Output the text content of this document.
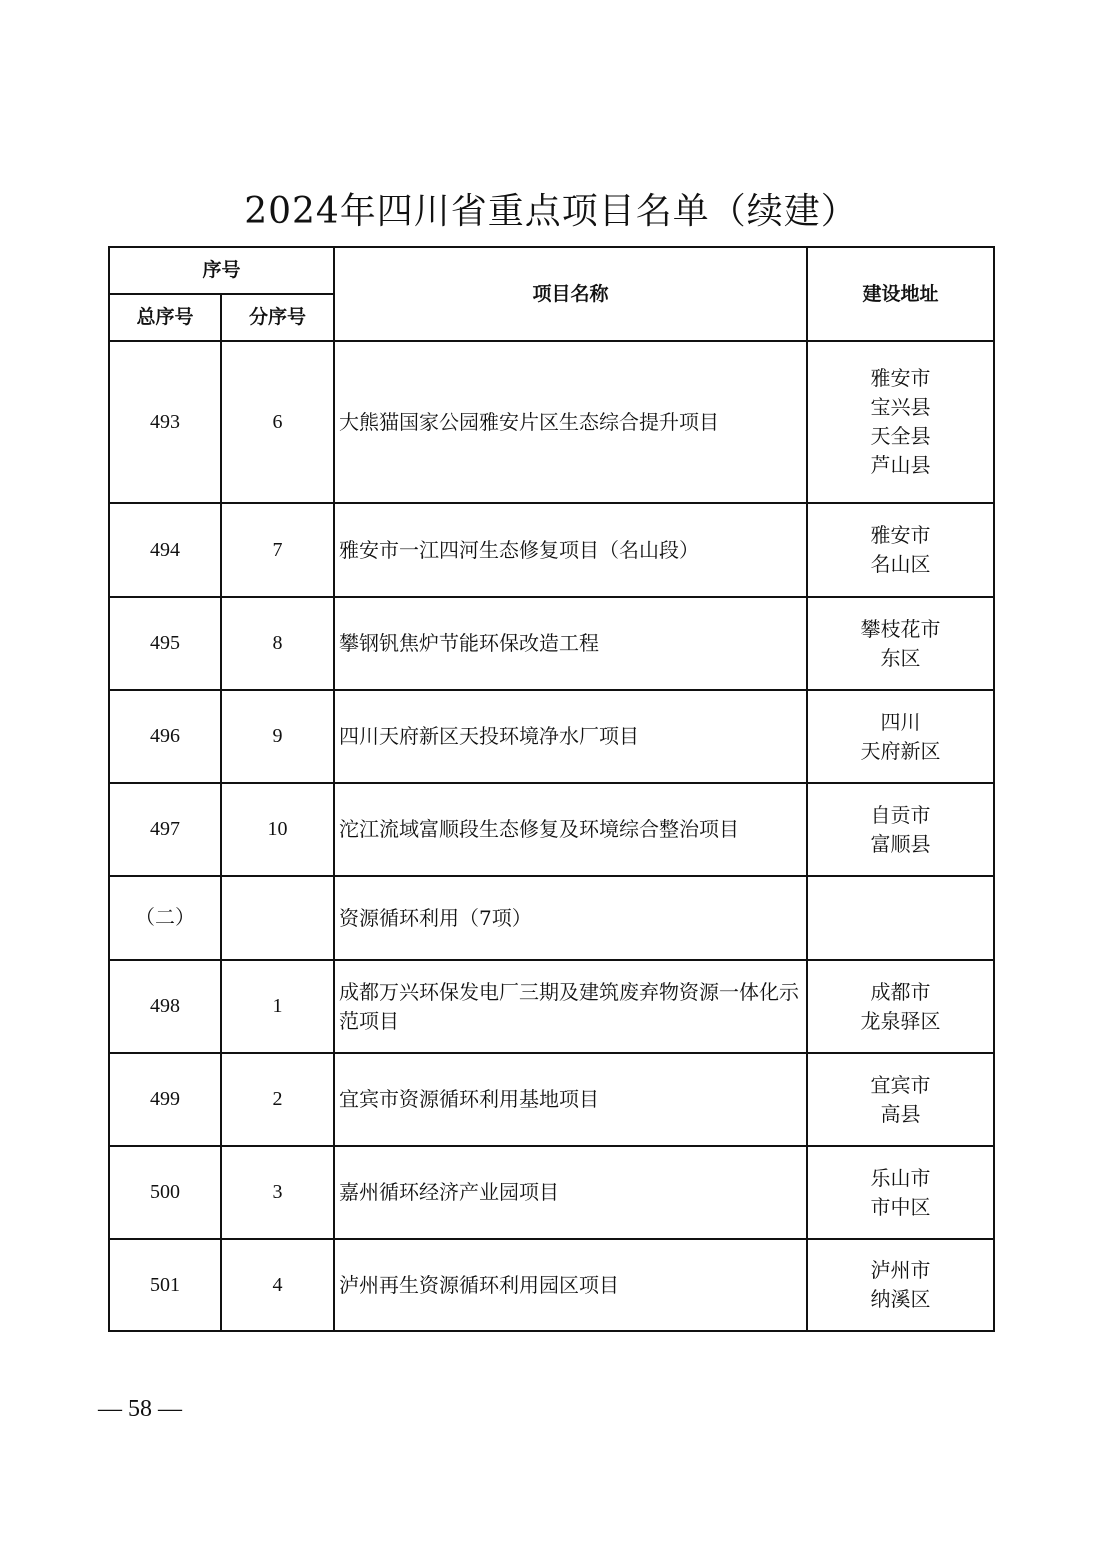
2024年四川省重点项目名单（续建）
序号		项目名称	建设地址
总序号	分序号		
493	6	大熊猫国家公园雅安片区生态综合提升项目	雅安市
宝兴县
天全县
芦山县

494	7	雅安市一江四河生态修复项目（名山段）	雅安市
名山区

495	8	攀钢钒焦炉节能环保改造工程	攀枝花市
东区

496	9	四川天府新区天投环境净水厂项目	四川
天府新区

497	10	沱江流域富顺段生态修复及环境综合整治项目	自贡市
富顺县

（二）		资源循环利用（7项）	
498	1	成都万兴环保发电厂三期及建筑废弃物资源一体化示范项目	成都市
龙泉驿区

499	2	宜宾市资源循环利用基地项目	宜宾市
高县

500	3	嘉州循环经济产业园项目	乐山市
市中区

501	4	泸州再生资源循环利用园区项目	泸州市
纳溪区
— 58 —
